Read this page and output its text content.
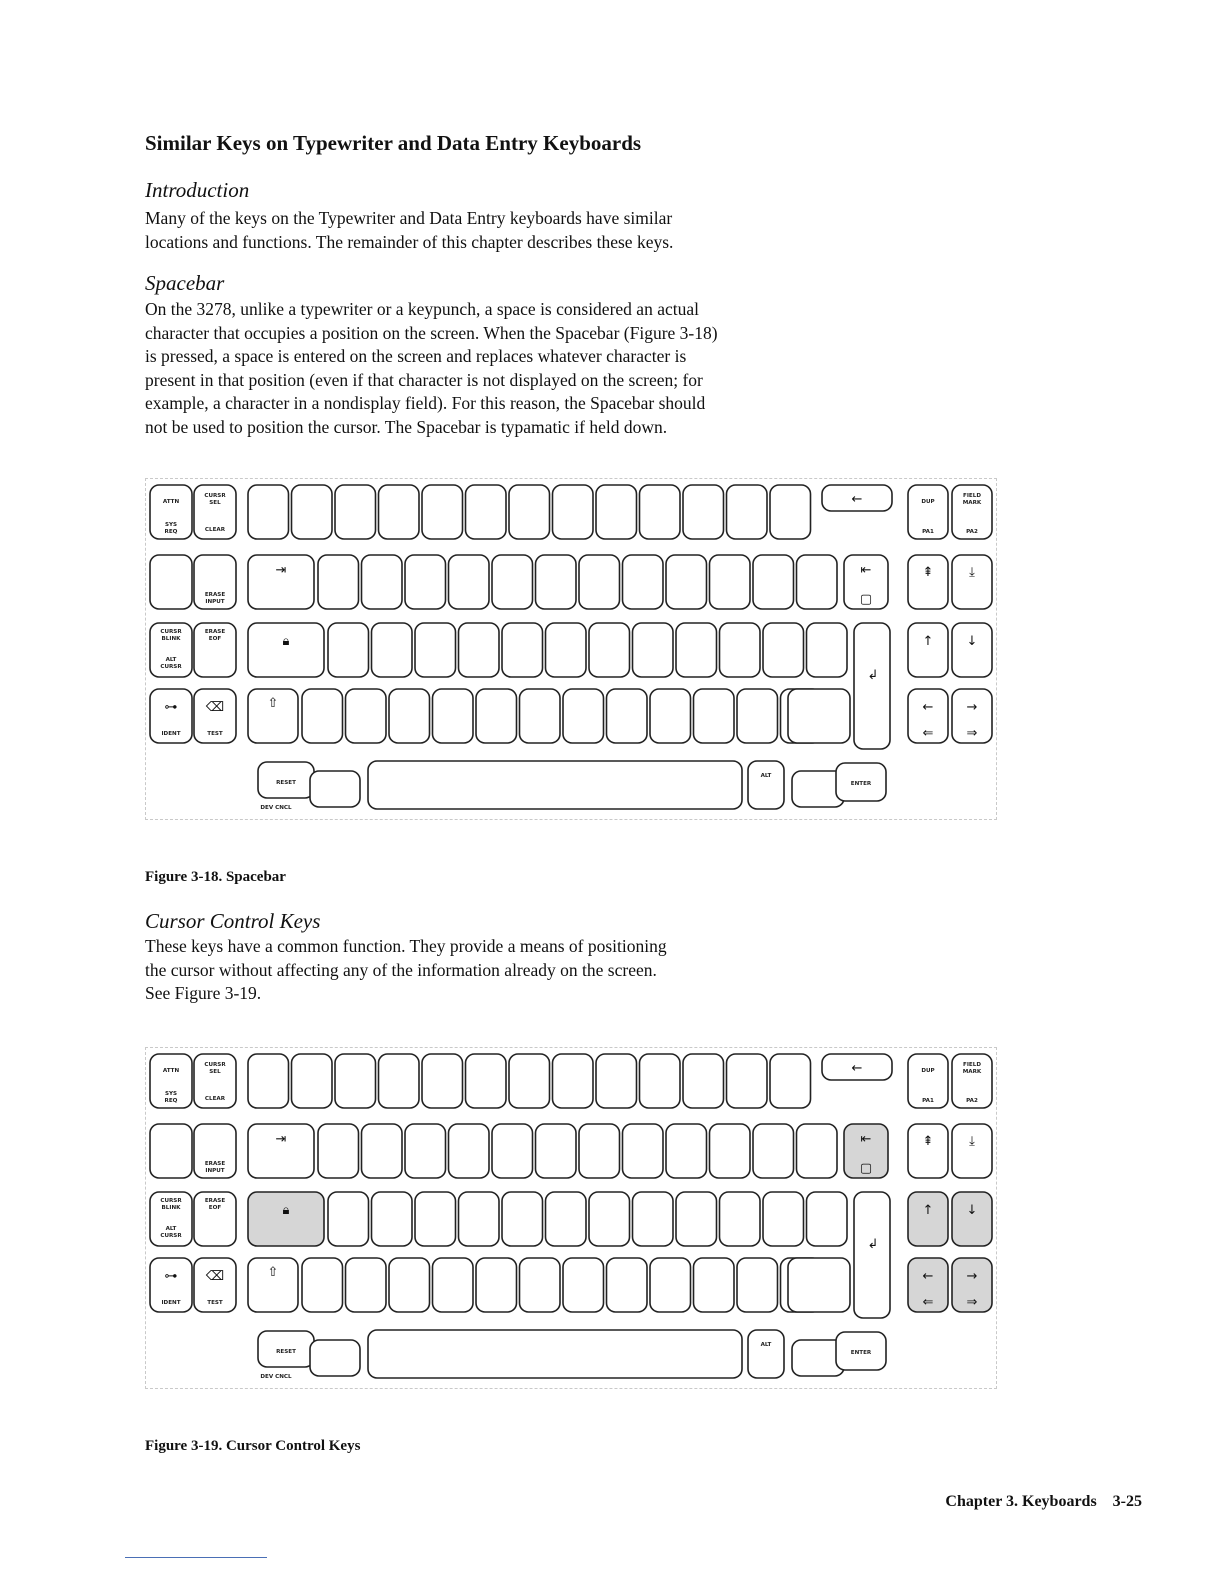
Similar Keys on Typewriter and Data Entry Keyboards
Introduction

Many of the keys on the Typewriter and Data Entry keyboards have similar
locations and functions. The remainder of this chapter describes these keys.

Spacebar

On the 3278, unlike a typewriter or a keypunch, a space is considered an actual
character that occupies a position on the screen. When the Spacebar (Figure 3-18)
is pressed, a space is entered on the screen and replaces whatever character is
present in that position (even if that character is not displayed on the screen; for
example, a character in a nondisplay field). For this reason, the Spacebar should
not be used to position the cursor. The Spacebar is typamatic if held down.

ATTN
CURSR
SEL
SYS
REQ	CLEAR
ERASE
INPUT
CURSR
BLINK
ERASE
EOF
ALT
CURSR
⊶ ⌫
IDENT	TEST
←
⇥	⇤
▢
🔒︎
↲
⇧
DUP
FIELD
MARK
PA1	PA2
⇞	⤓
↑	↓
←	→
⇐	⇒
RESET
DEV CNCL
ALT
ENTER

Figure 3-18. Spacebar

Cursor Control Keys

These keys have a common function. They provide a means of positioning
the cursor without affecting any of the information already on the screen.
See Figure 3-19.

ATTN
CURSR
SEL
SYS
REQ	CLEAR
ERASE
INPUT
CURSR
BLINK
ERASE
EOF
ALT
CURSR
⊶ ⌫
IDENT	TEST
←
⇥	⇤
▢
🔒︎
↲
⇧
DUP
FIELD
MARK
PA1	PA2
⇞	⤓
↑	↓
←	→
⇐	⇒
RESET
DEV CNCL
ALT
ENTER

Figure 3-19. Cursor Control Keys

Chapter 3. Keyboards 3-25
